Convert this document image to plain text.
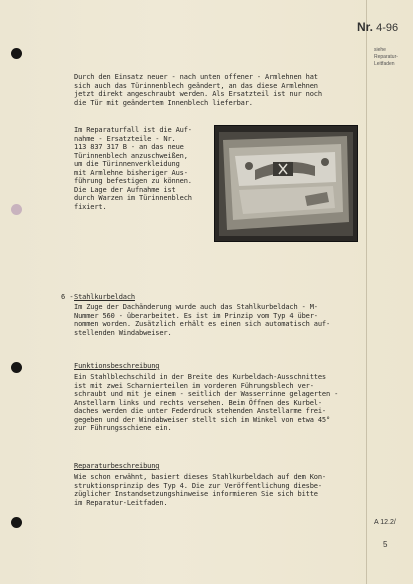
Nr. 4-96
siehe
Reparatur-
Leitfaden
Durch den Einsatz neuer - nach unten offener - Armlehnen hat
sich auch das Türinnenblech geändert, an das diese Armlehnen
jetzt direkt angeschraubt werden. Als Ersatzteil ist nur noch
die Tür mit geändertem Innenblech lieferbar.
Im Reparaturfall ist die Auf-
nahme - Ersatzteile - Nr.
113 837 317 B - an das neue
Türinnenblech anzuschweißen,
um die Türinnenverkleidung
mit Armlehne bisheriger Aus-
führung befestigen zu können.
Die Lage der Aufnahme ist
durch Warzen im Türinnenblech
fixiert.
6 - Stahlkurbeldach
Im Zuge der Dachänderung wurde auch das Stahlkurbeldach - M-
Nummer 560 - überarbeitet. Es ist im Prinzip vom Typ 4 über-
nommen worden. Zusätzlich erhält es einen sich automatisch auf-
stellenden Windabweiser.
Funktionsbeschreibung
Ein Stahlblechschild in der Breite des Kurbeldach-Ausschnittes
ist mit zwei Scharnierteilen im vorderen Führungsblech ver-
schraubt und mit je einem - seitlich der Wasserrinne gelagerten -
Anstellarm links und rechts versehen. Beim Öffnen des Kurbel-
daches werden die unter Federdruck stehenden Anstellarme frei-
gegeben und der Windabweiser stellt sich im Winkel von etwa 45°
zur Führungsschiene ein.
Reparaturbeschreibung
Wie schon erwähnt, basiert dieses Stahlkurbeldach auf dem Kon-
struktionsprinzip des Typ 4. Die zur Veröffentlichung diesbe-
züglicher Instandsetzungshinweise informieren Sie sich bitte
im Reparatur-Leitfaden.
A 12.2/
5
